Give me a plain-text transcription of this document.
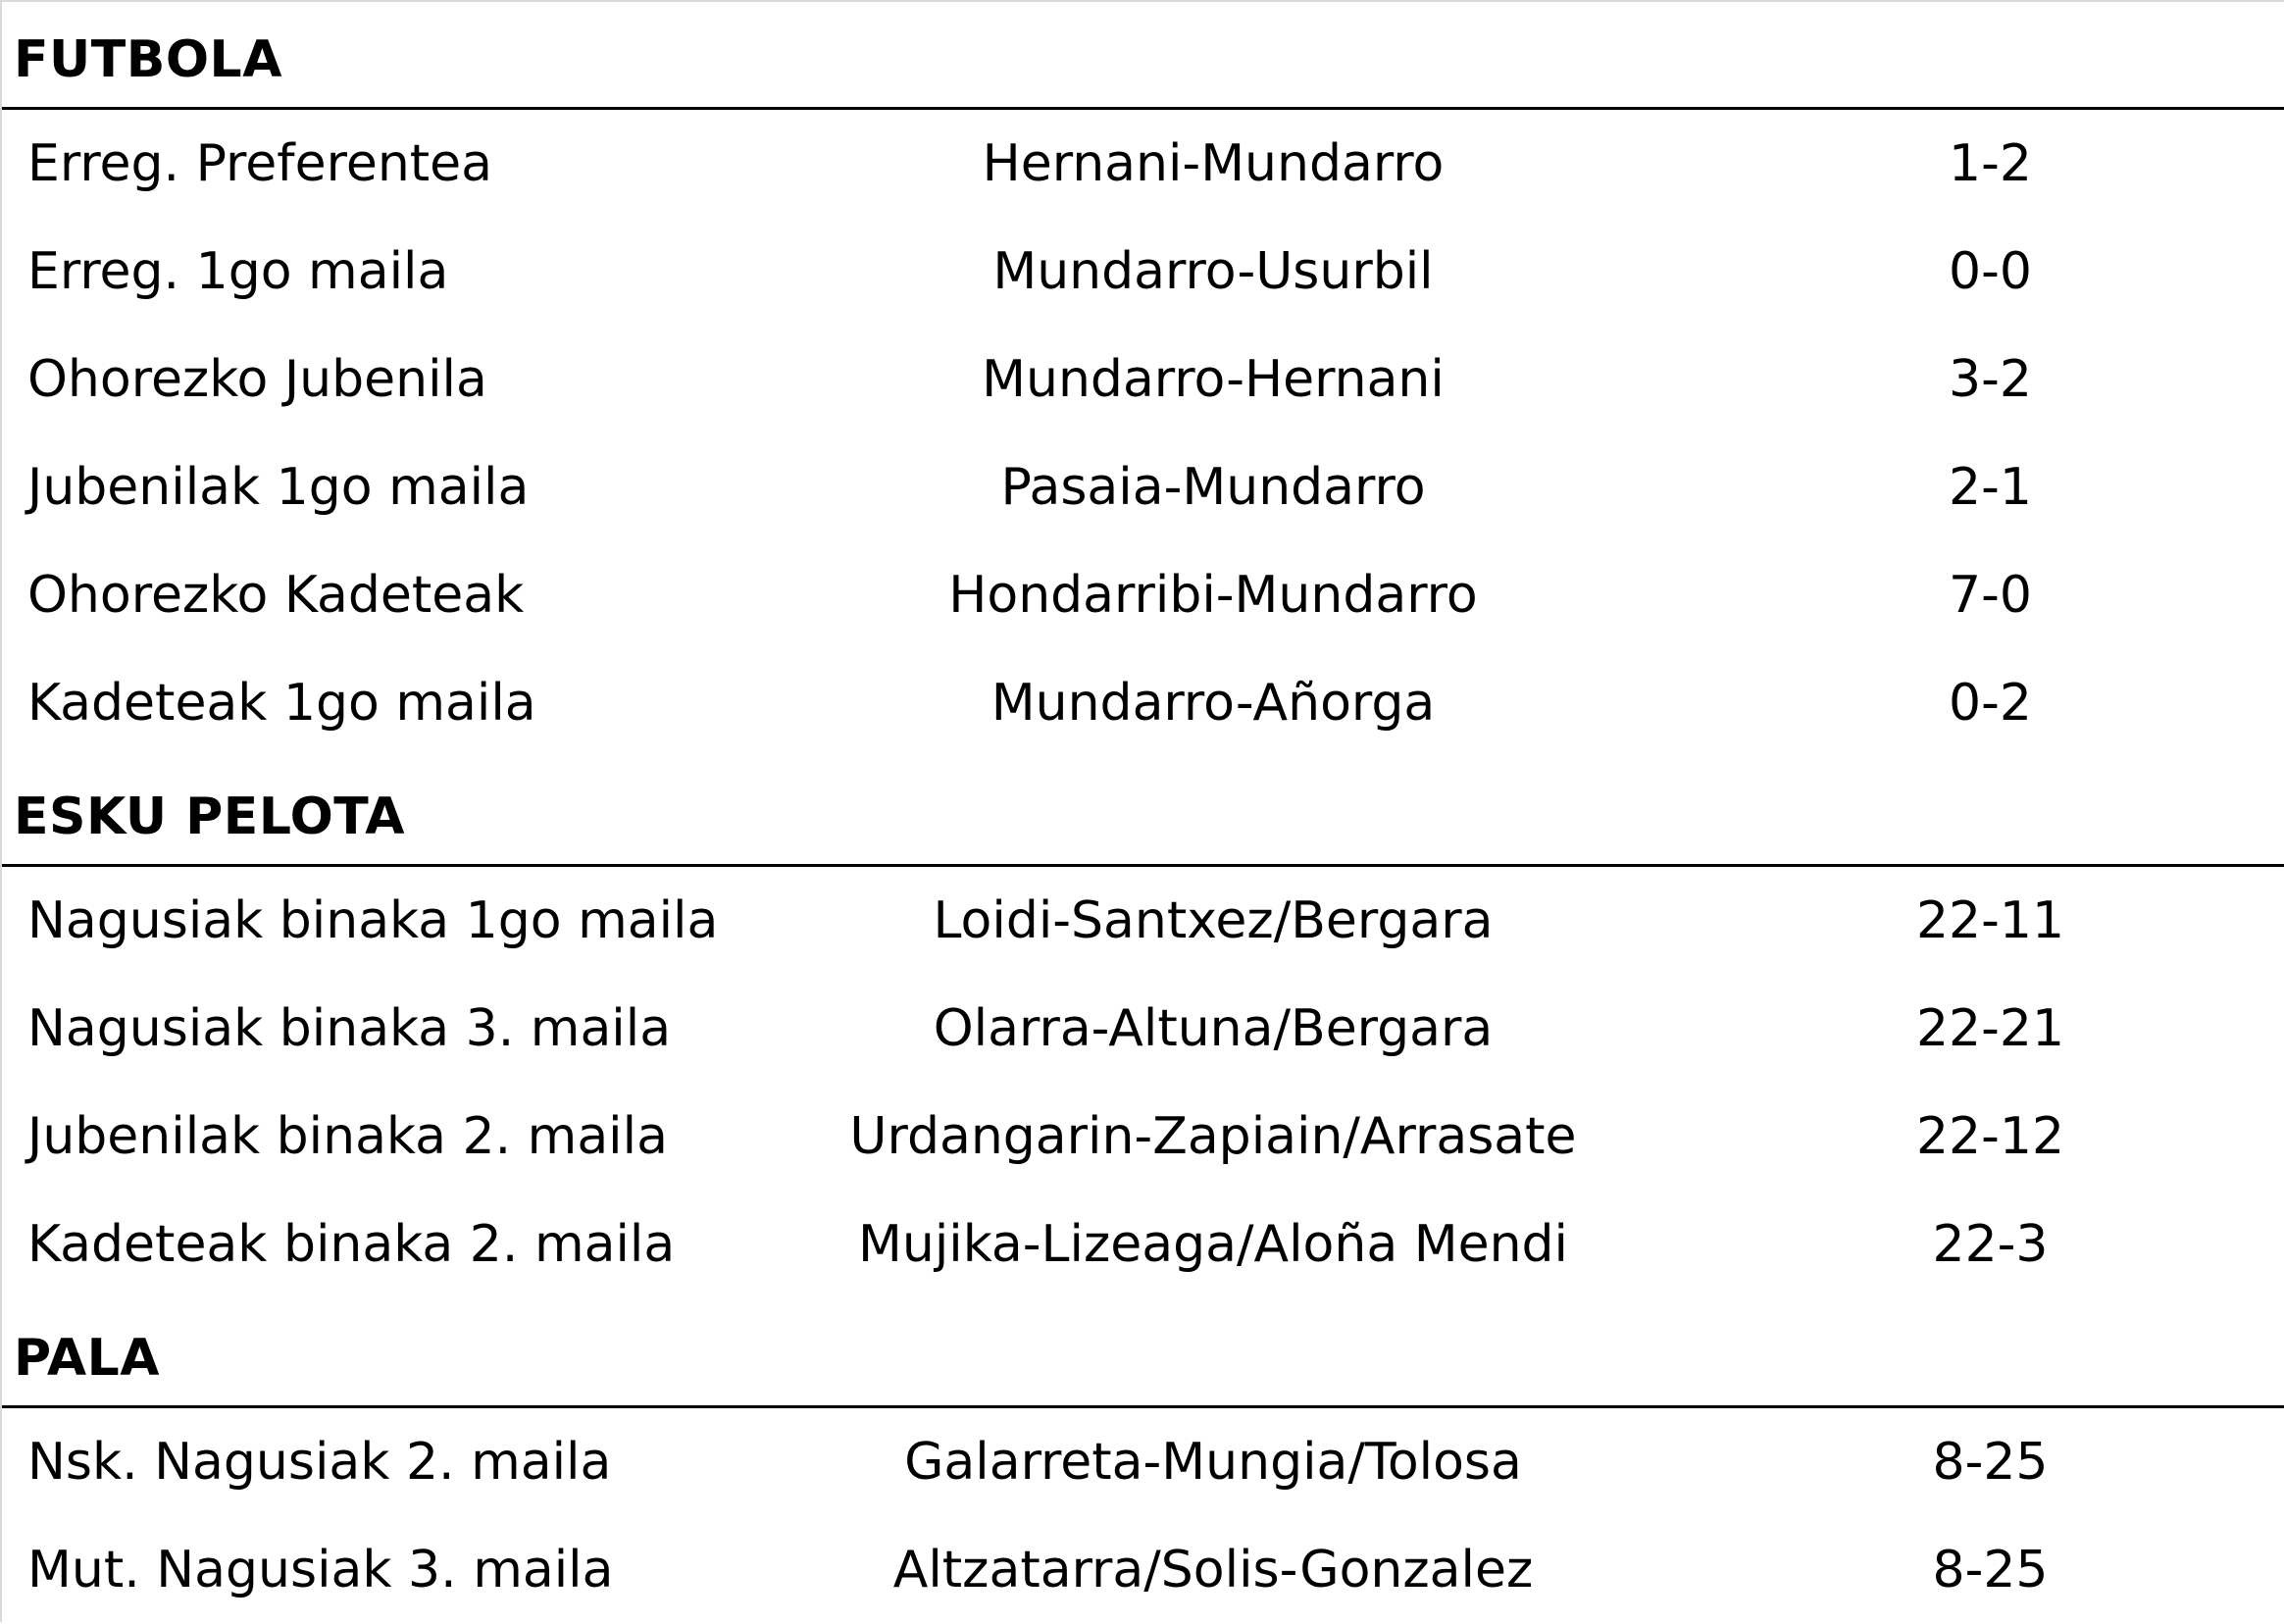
FUTBOLA
Erreg. Preferentea	Hernani-Mundarro	1-2
Erreg. 1go maila	Mundarro-Usurbil	0-0
Ohorezko Jubenila	Mundarro-Hernani	3-2
Jubenilak 1go maila	Pasaia-Mundarro	2-1
Ohorezko Kadeteak	Hondarribi-Mundarro	7-0
Kadeteak 1go maila	Mundarro-Añorga	0-2
ESKU PELOTA
Nagusiak binaka 1go maila	Loidi-Santxez/Bergara	22-11
Nagusiak binaka 3. maila	Olarra-Altuna/Bergara	22-21
Jubenilak binaka 2. maila	Urdangarin-Zapiain/Arrasate	22-12
Kadeteak binaka 2. maila	Mujika-Lizeaga/Aloña Mendi	22-3
PALA
Nsk. Nagusiak 2. maila	Galarreta-Mungia/Tolosa	8-25
Mut. Nagusiak 3. maila	Altzatarra/Solis-Gonzalez	8-25
